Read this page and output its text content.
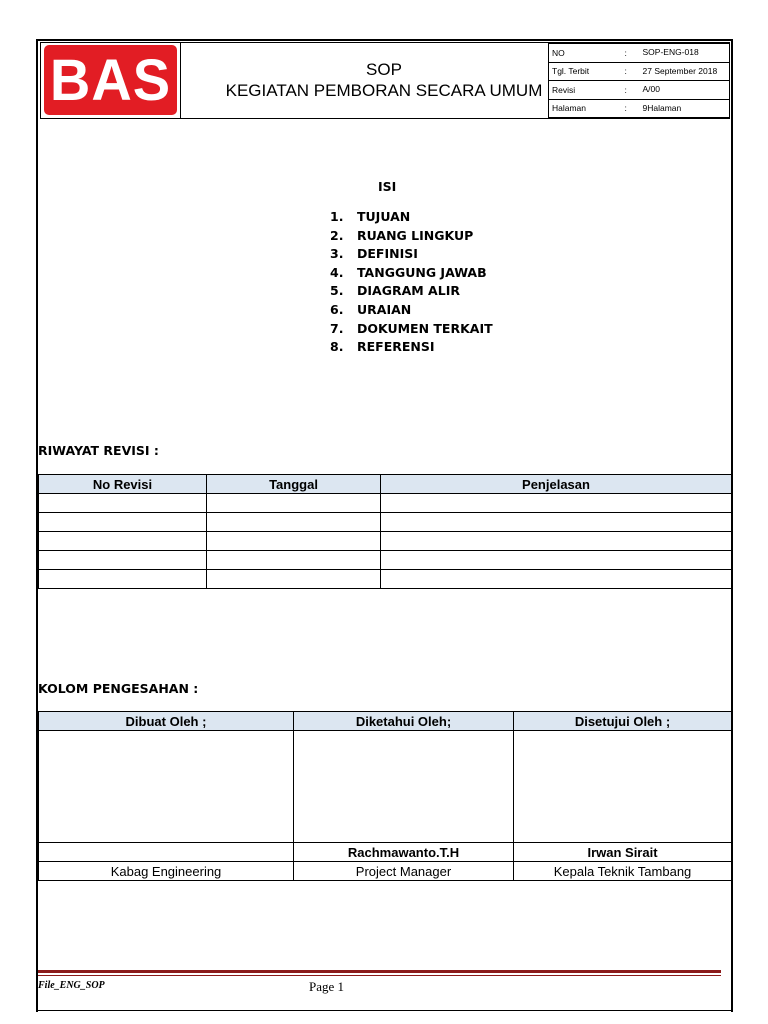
BAS	SOP
KEGIATAN PEMBORAN SECARA UMUM
NO	:	SOP-ENG-018
Tgl. Terbit	:	27 September 2018
Revisi	:	A/00
Halaman	:	9Halaman
ISI
1. TUJUAN
2. RUANG LINGKUP
3. DEFINISI
4. TANGGUNG JAWAB
5. DIAGRAM ALIR
6. URAIAN
7. DOKUMEN TERKAIT
8. REFERENSI
RIWAYAT REVISI :
No Revisi	Tanggal	Penjelasan

KOLOM PENGESAHAN :
Dibuat Oleh ;	Diketahui Oleh;	Disetujui Oleh ;

	Rachmawanto.T.H	Irwan Sirait
Kabag Engineering	Project Manager	Kepala Teknik Tambang
File_ENG_SOP	Page 1
